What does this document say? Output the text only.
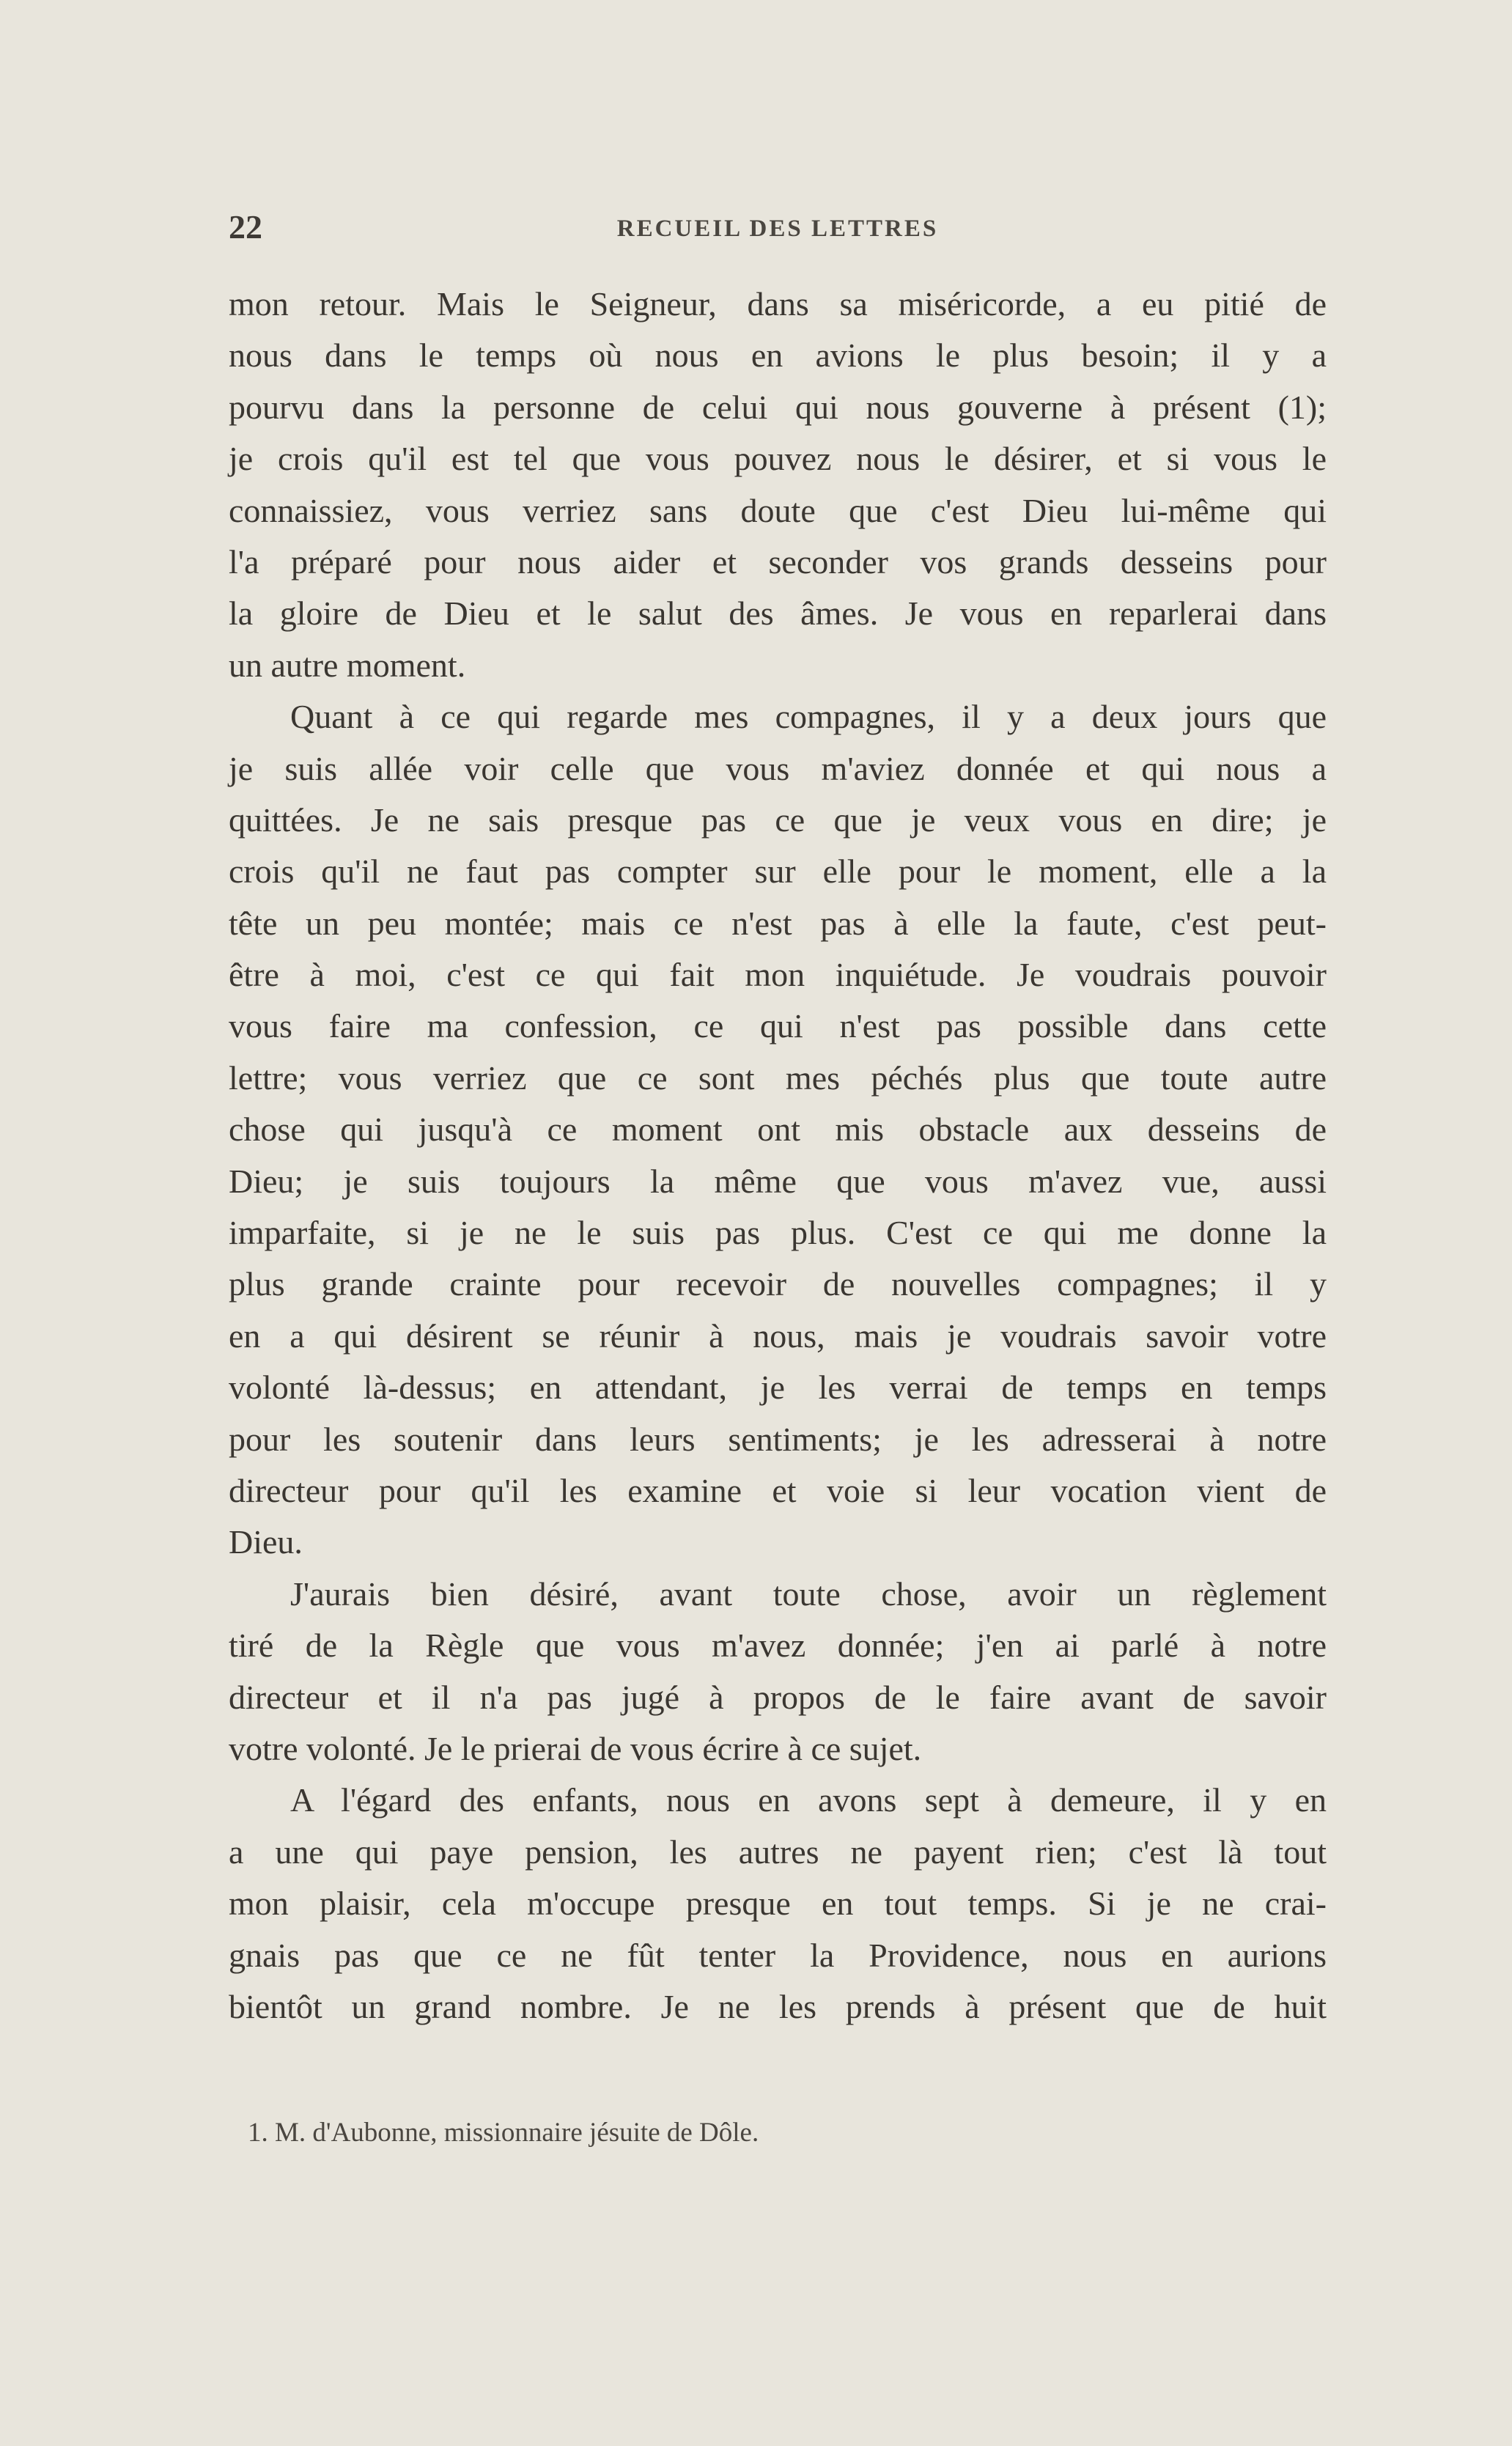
22	RECUEIL DES LETTRES
mon retour. Mais le Seigneur, dans sa miséricorde, a eu pitié de
nous dans le temps où nous en avions le plus besoin; il y a
pourvu dans la personne de celui qui nous gouverne à présent (1);
je crois qu'il est tel que vous pouvez nous le désirer, et si vous le
connaissiez, vous verriez sans doute que c'est Dieu lui-même qui
l'a préparé pour nous aider et seconder vos grands desseins pour
la gloire de Dieu et le salut des âmes. Je vous en reparlerai dans
un autre moment.
Quant à ce qui regarde mes compagnes, il y a deux jours que
je suis allée voir celle que vous m'aviez donnée et qui nous a
quittées. Je ne sais presque pas ce que je veux vous en dire; je
crois qu'il ne faut pas compter sur elle pour le moment, elle a la
tête un peu montée; mais ce n'est pas à elle la faute, c'est peut-
être à moi, c'est ce qui fait mon inquiétude. Je voudrais pouvoir
vous faire ma confession, ce qui n'est pas possible dans cette
lettre; vous verriez que ce sont mes péchés plus que toute autre
chose qui jusqu'à ce moment ont mis obstacle aux desseins de
Dieu; je suis toujours la même que vous m'avez vue, aussi
imparfaite, si je ne le suis pas plus. C'est ce qui me donne la
plus grande crainte pour recevoir de nouvelles compagnes; il y
en a qui désirent se réunir à nous, mais je voudrais savoir votre
volonté là-dessus; en attendant, je les verrai de temps en temps
pour les soutenir dans leurs sentiments; je les adresserai à notre
directeur pour qu'il les examine et voie si leur vocation vient de
Dieu.
J'aurais bien désiré, avant toute chose, avoir un règlement
tiré de la Règle que vous m'avez donnée; j'en ai parlé à notre
directeur et il n'a pas jugé à propos de le faire avant de savoir
votre volonté. Je le prierai de vous écrire à ce sujet.
A l'égard des enfants, nous en avons sept à demeure, il y en
a une qui paye pension, les autres ne payent rien; c'est là tout
mon plaisir, cela m'occupe presque en tout temps. Si je ne crai-
gnais pas que ce ne fût tenter la Providence, nous en aurions
bientôt un grand nombre. Je ne les prends à présent que de huit
1. M. d'Aubonne, missionnaire jésuite de Dôle.
